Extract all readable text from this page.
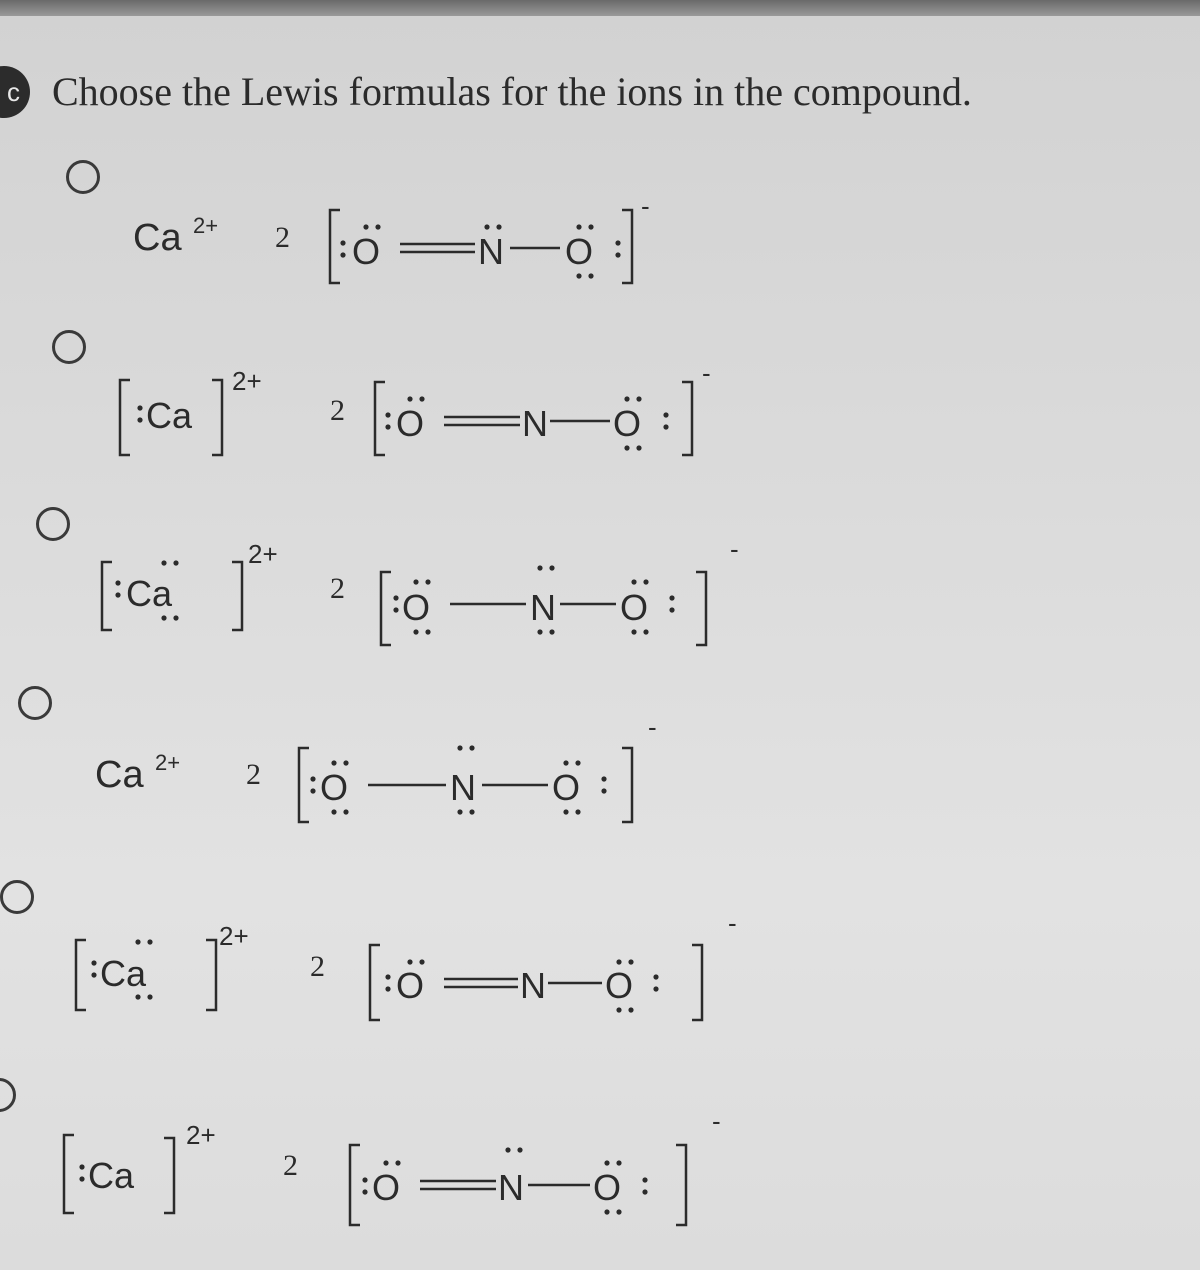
c Choose the Lewis formulas for the ions in the compound.
Ca 2+ 2 O	N O
-
Ca
2+
2 O	N O
-
Ca
2+
2 O	N O
-
Ca 2+ 2 O	N O
-
Ca
2+
2 O	N O
-
Ca
2+
2
O	N O
-
